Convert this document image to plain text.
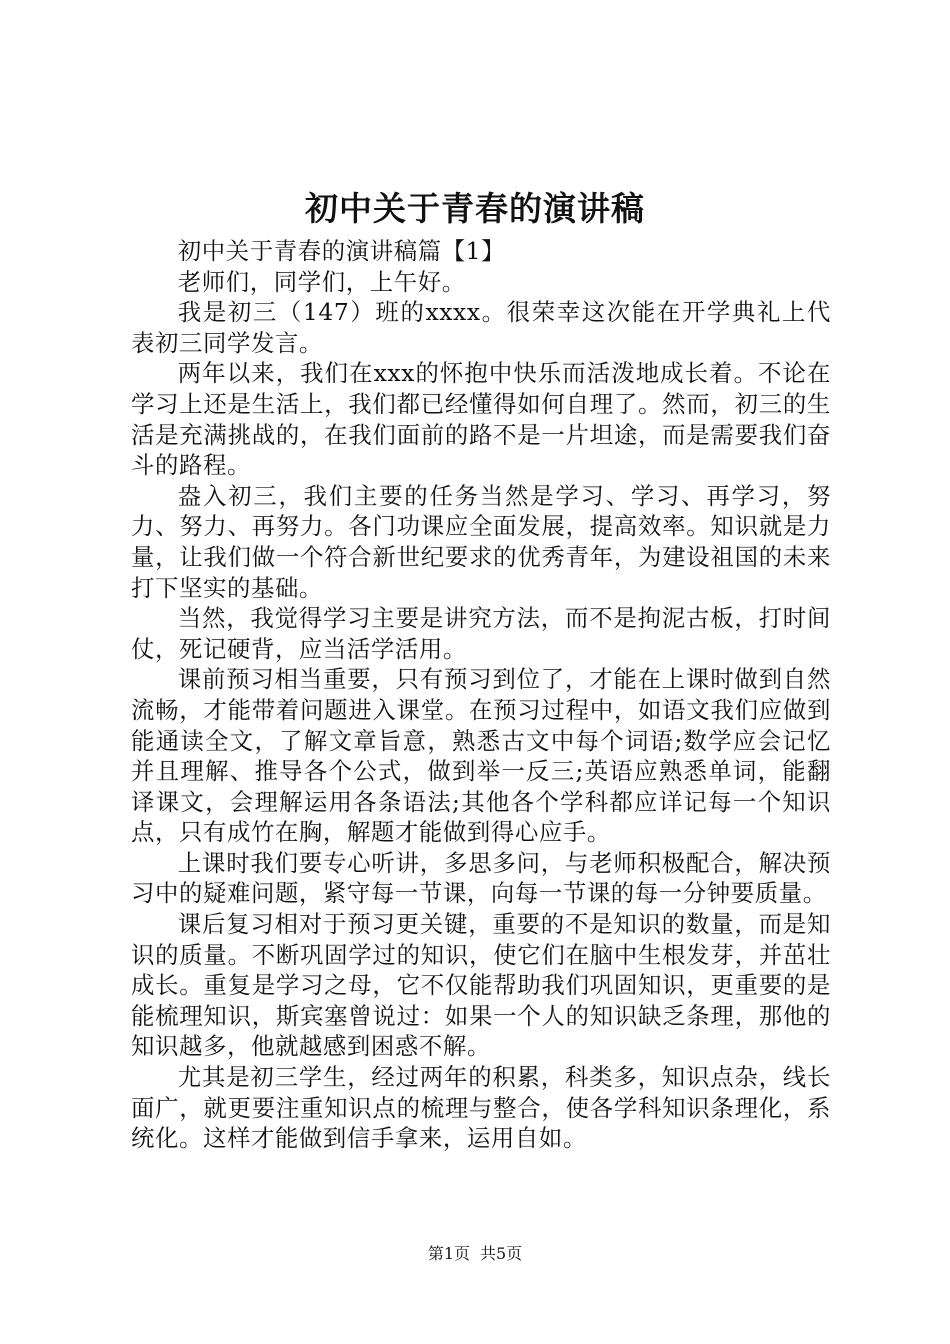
初中关于青春的演讲稿

初中关于青春的演讲稿篇【1】

老师们，同学们，上午好。

我是初三（147）班的xxxx。很荣幸这次能在开学典礼上代表初三同学发言。

两年以来，我们在xxx的怀抱中快乐而活泼地成长着。不论在学习上还是生活上，我们都已经懂得如何自理了。然而，初三的生活是充满挑战的，在我们面前的路不是一片坦途，而是需要我们奋斗的路程。

盎入初三，我们主要的任务当然是学习、学习、再学习，努力、努力、再努力。各门功课应全面发展，提高效率。知识就是力量，让我们做一个符合新世纪要求的优秀青年，为建设祖国的未来打下坚实的基础。

当然，我觉得学习主要是讲究方法，而不是拘泥古板，打时间仗，死记硬背，应当活学活用。

课前预习相当重要，只有预习到位了，才能在上课时做到自然流畅，才能带着问题进入课堂。在预习过程中，如语文我们应做到能通读全文，了解文章旨意，熟悉古文中每个词语;数学应会记忆并且理解、推导各个公式，做到举一反三;英语应熟悉单词，能翻译课文，会理解运用各条语法;其他各个学科都应详记每一个知识点，只有成竹在胸，解题才能做到得心应手。

上课时我们要专心听讲，多思多问，与老师积极配合，解决预习中的疑难问题，紧守每一节课，向每一节课的每一分钟要质量。

课后复习相对于预习更关键，重要的不是知识的数量，而是知识的质量。不断巩固学过的知识，使它们在脑中生根发芽，并茁壮成长。重复是学习之母，它不仅能帮助我们巩固知识，更重要的是能梳理知识，斯宾塞曾说过：如果一个人的知识缺乏条理，那他的知识越多，他就越感到困惑不解。

尤其是初三学生，经过两年的积累，科类多，知识点杂，线长面广，就更要注重知识点的梳理与整合，使各学科知识条理化，系统化。这样才能做到信手拿来，运用自如。

第1页 共5页
